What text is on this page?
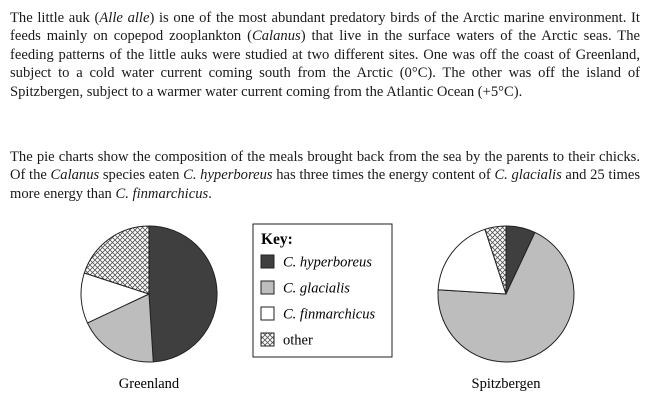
The little auk (Alle alle) is one of the most abundant predatory birds of the Arctic marine environment. It feeds mainly on copepod zooplankton (Calanus) that live in the surface waters of the Arctic seas. The feeding patterns of the little auks were studied at two different sites. One was off the coast of Greenland, subject to a cold water current coming south from the Arctic (0°C). The other was off the island of Spitzbergen, subject to a warmer water current coming from the Atlantic Ocean (+5°C).

The pie charts show the composition of the meals brought back from the sea by the parents to their chicks. Of the Calanus species eaten C. hyperboreus has three times the energy content of C. glacialis and 25 times more energy than C. finmarchicus.

Greenland	Spitzbergen
Key:
C. hyperboreus
C. glacialis
C. finmarchicus
other
